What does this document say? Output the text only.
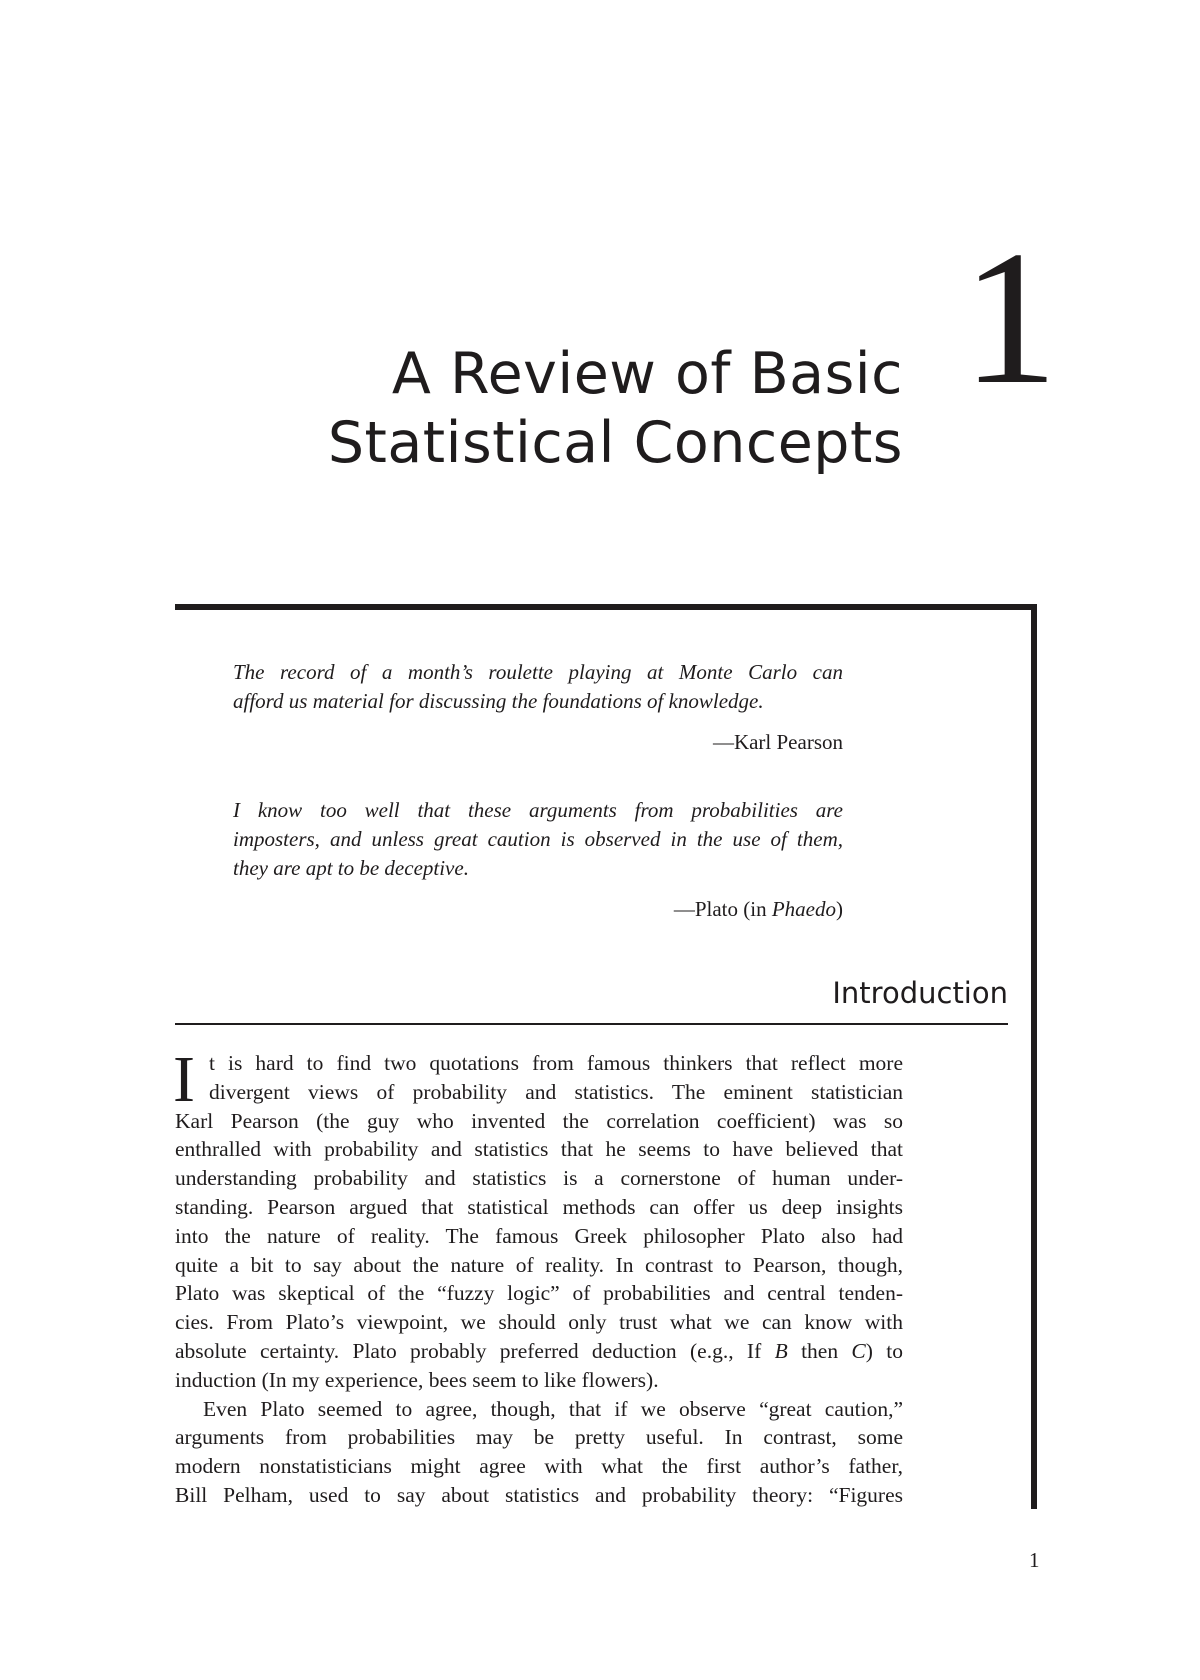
A Review of Basic
Statistical Concepts
1
The record of a month’s roulette playing at Monte Carlo can
afford us material for discussing the foundations of knowledge.
—Karl Pearson
I know too well that these arguments from probabilities are
imposters, and unless great caution is observed in the use of them,
they are apt to be deceptive.
—Plato (in Phaedo)
Introduction
I t is hard to find two quotations from famous thinkers that reflect more
divergent views of probability and statistics. The eminent statistician
Karl Pearson (the guy who invented the correlation coefficient) was so
enthralled with probability and statistics that he seems to have believed that
understanding probability and statistics is a cornerstone of human under-
standing. Pearson argued that statistical methods can offer us deep insights
into the nature of reality. The famous Greek philosopher Plato also had
quite a bit to say about the nature of reality. In contrast to Pearson, though,
Plato was skeptical of the “fuzzy logic” of probabilities and central tenden-
cies. From Plato’s viewpoint, we should only trust what we can know with
absolute certainty. Plato probably preferred deduction (e.g., If B then C) to
induction (In my experience, bees seem to like flowers).
Even Plato seemed to agree, though, that if we observe “great caution,”
arguments from probabilities may be pretty useful. In contrast, some
modern nonstatisticians might agree with what the first author’s father,
Bill Pelham, used to say about statistics and probability theory: “Figures
1
